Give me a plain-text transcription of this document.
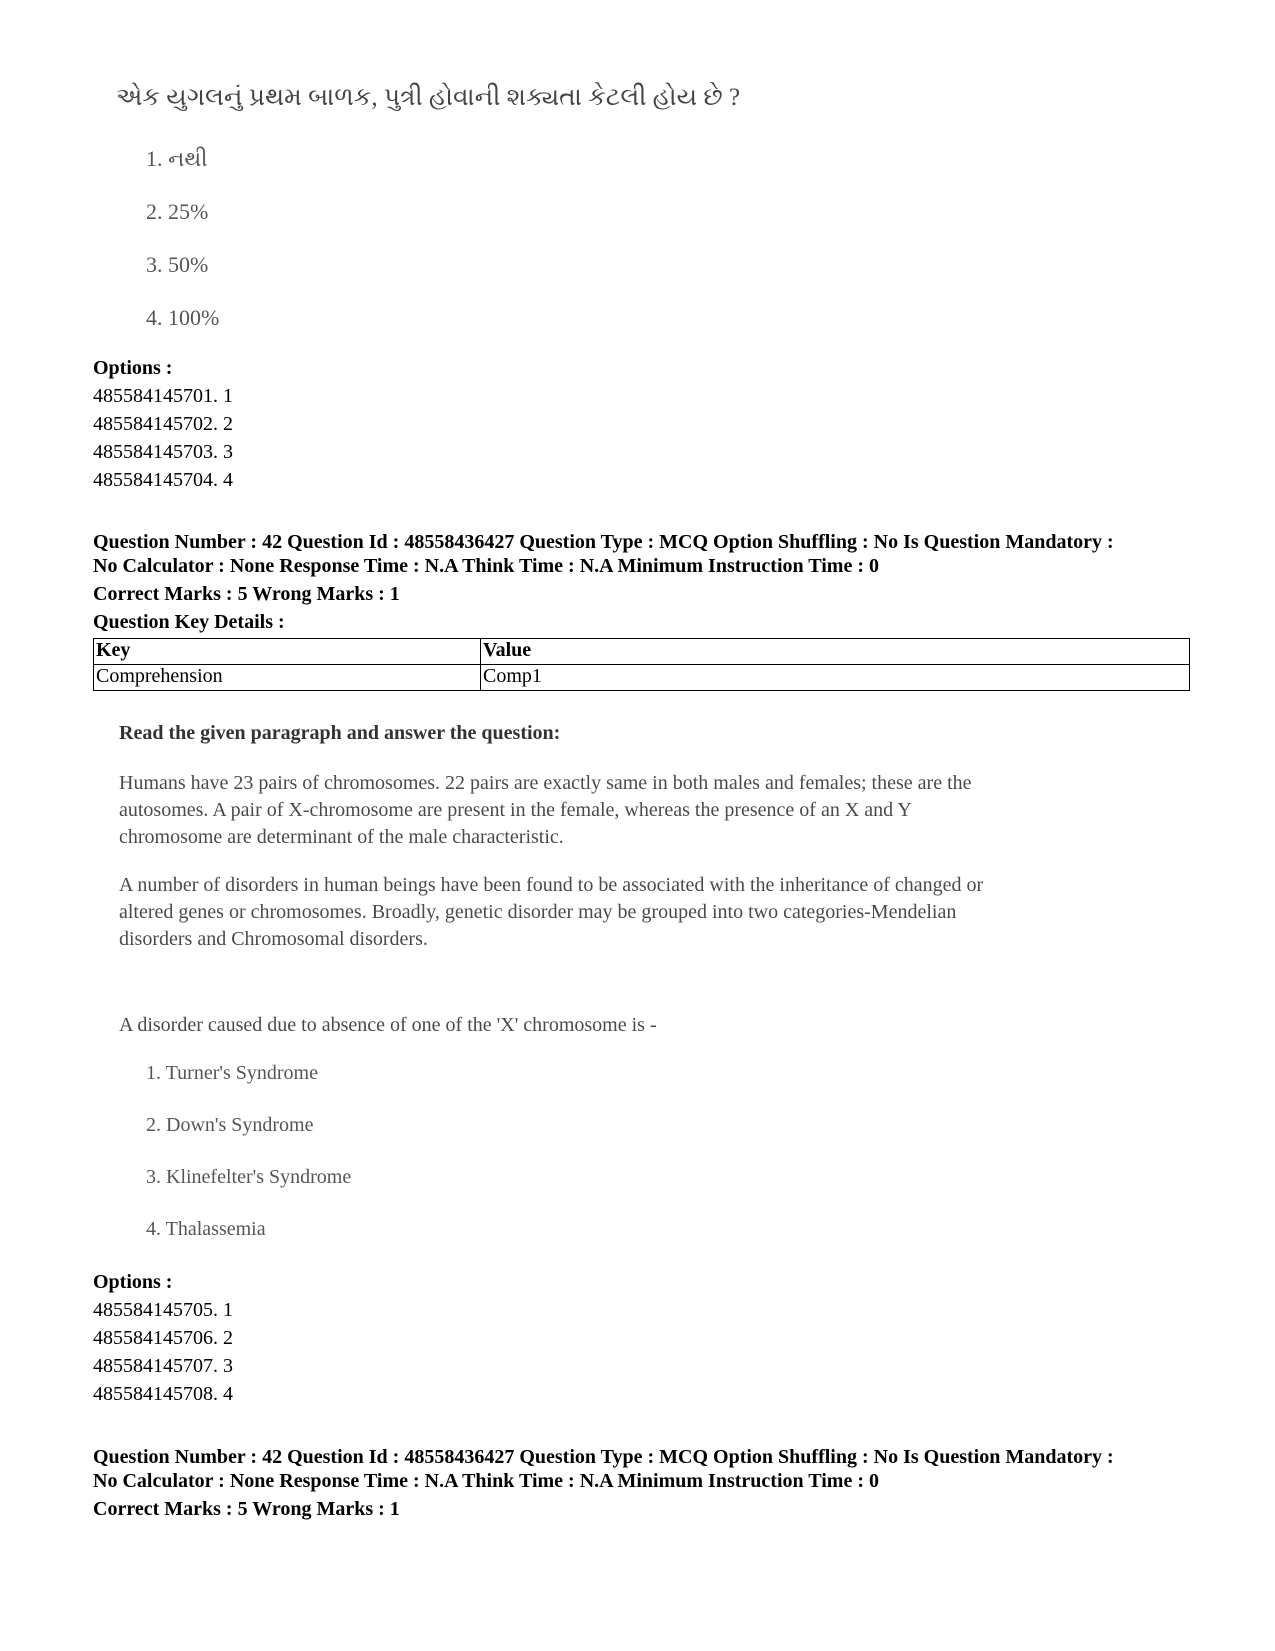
એક યુગલનું પ્રથમ બાળક, પુત્રી હોવાની શક્યતા કેટલી હોય છે ?
1. નથી
2. 25%
3. 50%
4. 100%
Options :
485584145701. 1
485584145702. 2
485584145703. 3
485584145704. 4
Question Number : 42 Question Id : 48558436427 Question Type : MCQ Option Shuffling : No Is Question Mandatory :
No Calculator : None Response Time : N.A Think Time : N.A Minimum Instruction Time : 0
Correct Marks : 5 Wrong Marks : 1
Question Key Details :
Key	Value
Comprehension	Comp1
Read the given paragraph and answer the question:
Humans have 23 pairs of chromosomes. 22 pairs are exactly same in both males and females; these are the
autosomes. A pair of X-chromosome are present in the female, whereas the presence of an X and Y
chromosome are determinant of the male characteristic.
A number of disorders in human beings have been found to be associated with the inheritance of changed or
altered genes or chromosomes. Broadly, genetic disorder may be grouped into two categories-Mendelian
disorders and Chromosomal disorders.
A disorder caused due to absence of one of the 'X' chromosome is -
1. Turner's Syndrome
2. Down's Syndrome
3. Klinefelter's Syndrome
4. Thalassemia
Options :
485584145705. 1
485584145706. 2
485584145707. 3
485584145708. 4
Question Number : 42 Question Id : 48558436427 Question Type : MCQ Option Shuffling : No Is Question Mandatory :
No Calculator : None Response Time : N.A Think Time : N.A Minimum Instruction Time : 0
Correct Marks : 5 Wrong Marks : 1
